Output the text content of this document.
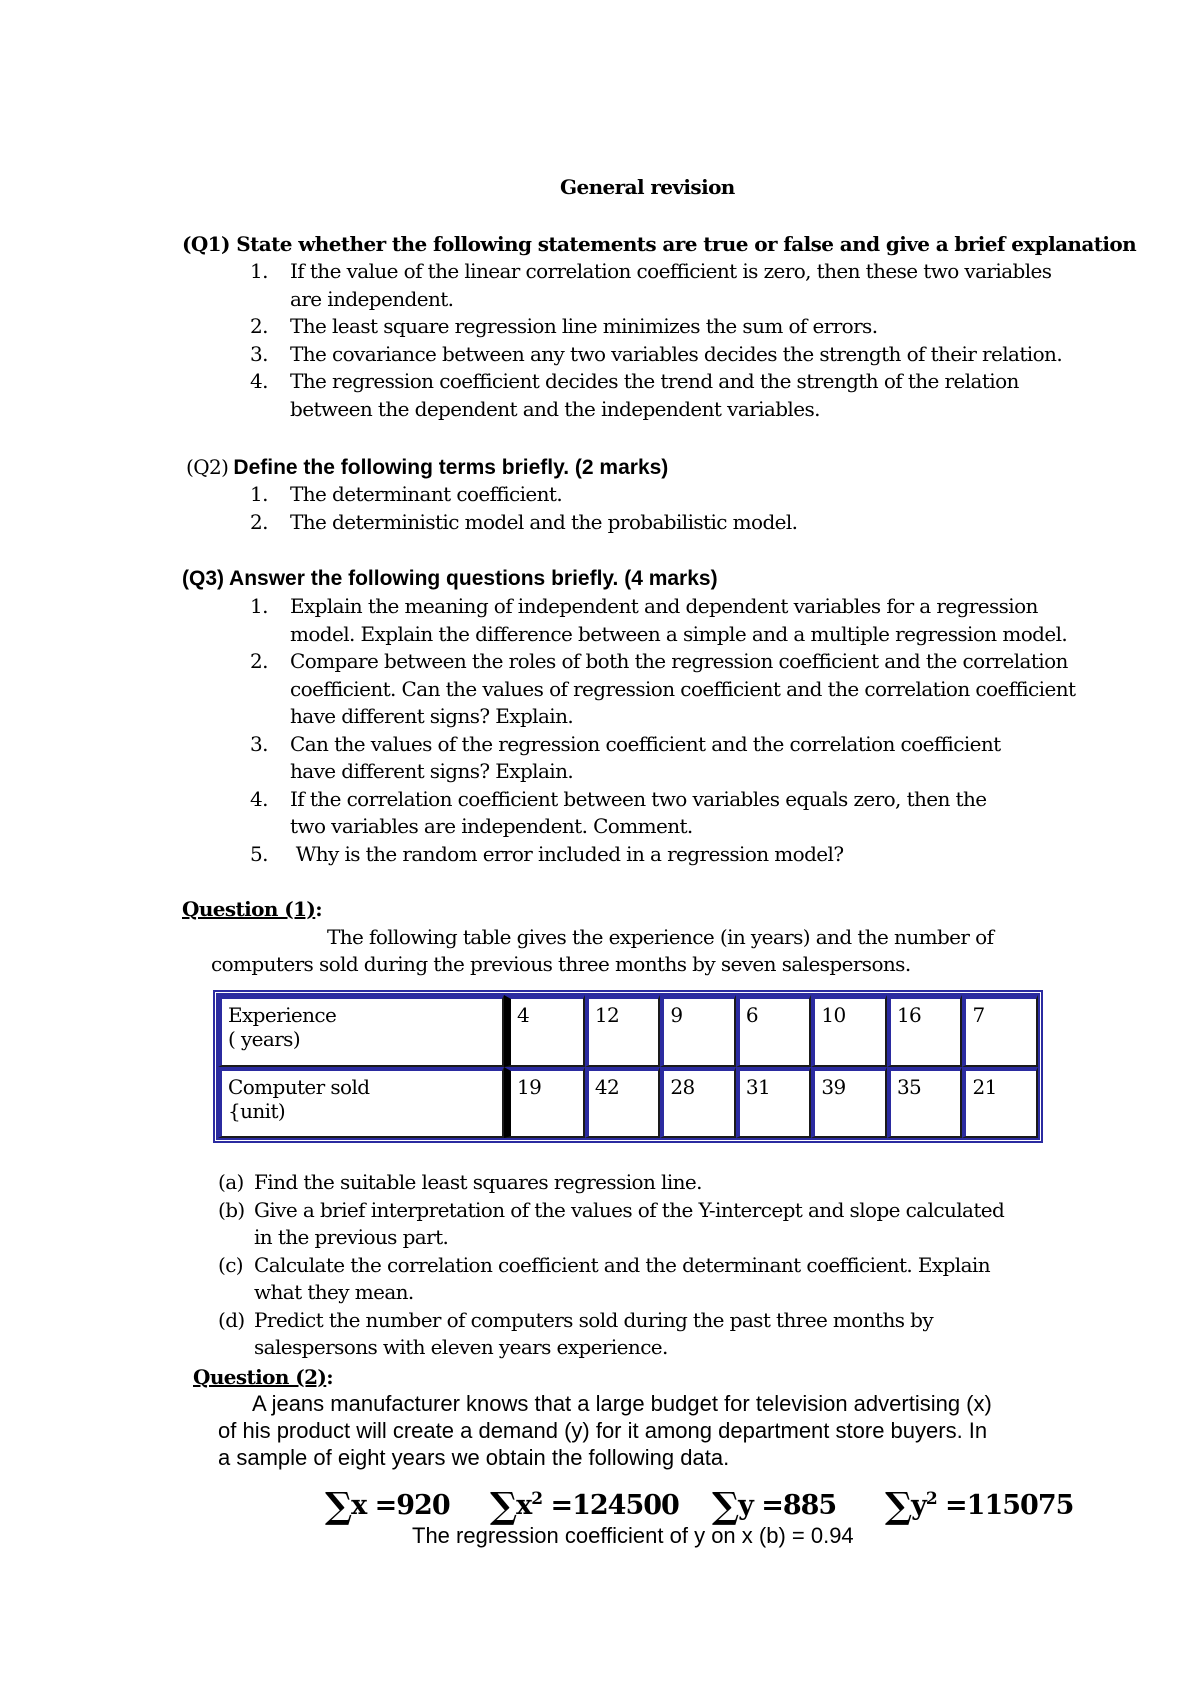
General revision
(Q1) State whether the following statements are true or false and give a brief explanation
1. If the value of the linear correlation coefficient is zero, then these two variables
are independent.
2. The least square regression line minimizes the sum of errors.
3. The covariance between any two variables decides the strength of their relation.
4. The regression coefficient decides the trend and the strength of the relation
between the dependent and the independent variables.
(Q2) Define the following terms briefly. (2 marks)
1. The determinant coefficient.
2. The deterministic model and the probabilistic model.
(Q3) Answer the following questions briefly. (4 marks)
1. Explain the meaning of independent and dependent variables for a regression
model. Explain the difference between a simple and a multiple regression model.
2. Compare between the roles of both the regression coefficient and the correlation
coefficient. Can the values of regression coefficient and the correlation coefficient
have different signs? Explain.
3. Can the values of the regression coefficient and the correlation coefficient
have different signs? Explain.
4. If the correlation coefficient between two variables equals zero, then the
two variables are independent. Comment.
5. Why is the random error included in a regression model?
Question (1):
The following table gives the experience (in years) and the number of
computers sold during the previous three months by seven salespersons.
Experience
( years)	4	12	9	6	10	16	7

Computer sold
{unit)	19	42	28	31	39	35	21
(a) Find the suitable least squares regression line.
(b) Give a brief interpretation of the values of the Y-intercept and slope calculated
in the previous part.
(c) Calculate the correlation coefficient and the determinant coefficient. Explain
what they mean.
(d) Predict the number of computers sold during the past three months by
salespersons with eleven years experience.
Question (2):
A jeans manufacturer knows that a large budget for television advertising (x)
of his product will create a demand (y) for it among department store buyers. In
a sample of eight years we obtain the following data.
∑x =920 $\sum x^2 =124500$ ∑y =885 $\sum y^2 =115075$
The regression coefficient of y on x (b) = 0.94
